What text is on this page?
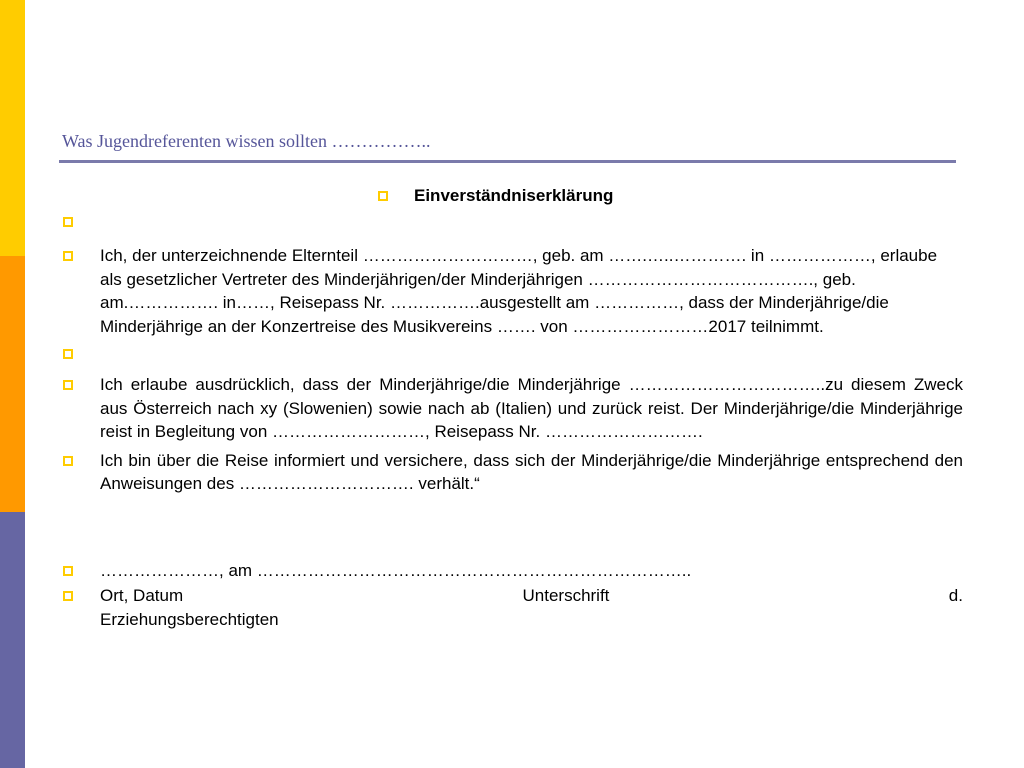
Was Jugendreferenten wissen sollten ……………..
Einverständniserklärung
Ich, der unterzeichnende Elternteil …………………………, geb. am …….…..…………. in ………………, erlaube als gesetzlicher Vertreter des Minderjährigen/der Minderjährigen …………………………………., geb. am.……………. in……, Reisepass Nr. …………….ausgestellt am ……………, dass der Minderjährige/die Minderjährige an der Konzertreise des Musikvereins ……. von ……………………2017 teilnimmt.
Ich erlaube ausdrücklich, dass der Minderjährige/die Minderjährige ……………………………..zu diesem Zweck aus Österreich nach xy (Slowenien) sowie nach ab (Italien) und zurück reist. Der Minderjährige/die Minderjährige reist in Begleitung von ………………………, Reisepass Nr. ……………………….
Ich bin über die Reise informiert und versichere, dass sich der Minderjährige/die Minderjährige entsprechend den Anweisungen des …………………………. verhält.“
…………………, am …………………………………………………………………..
Ort, Datum	Unterschrift	d.
Erziehungsberechtigten
